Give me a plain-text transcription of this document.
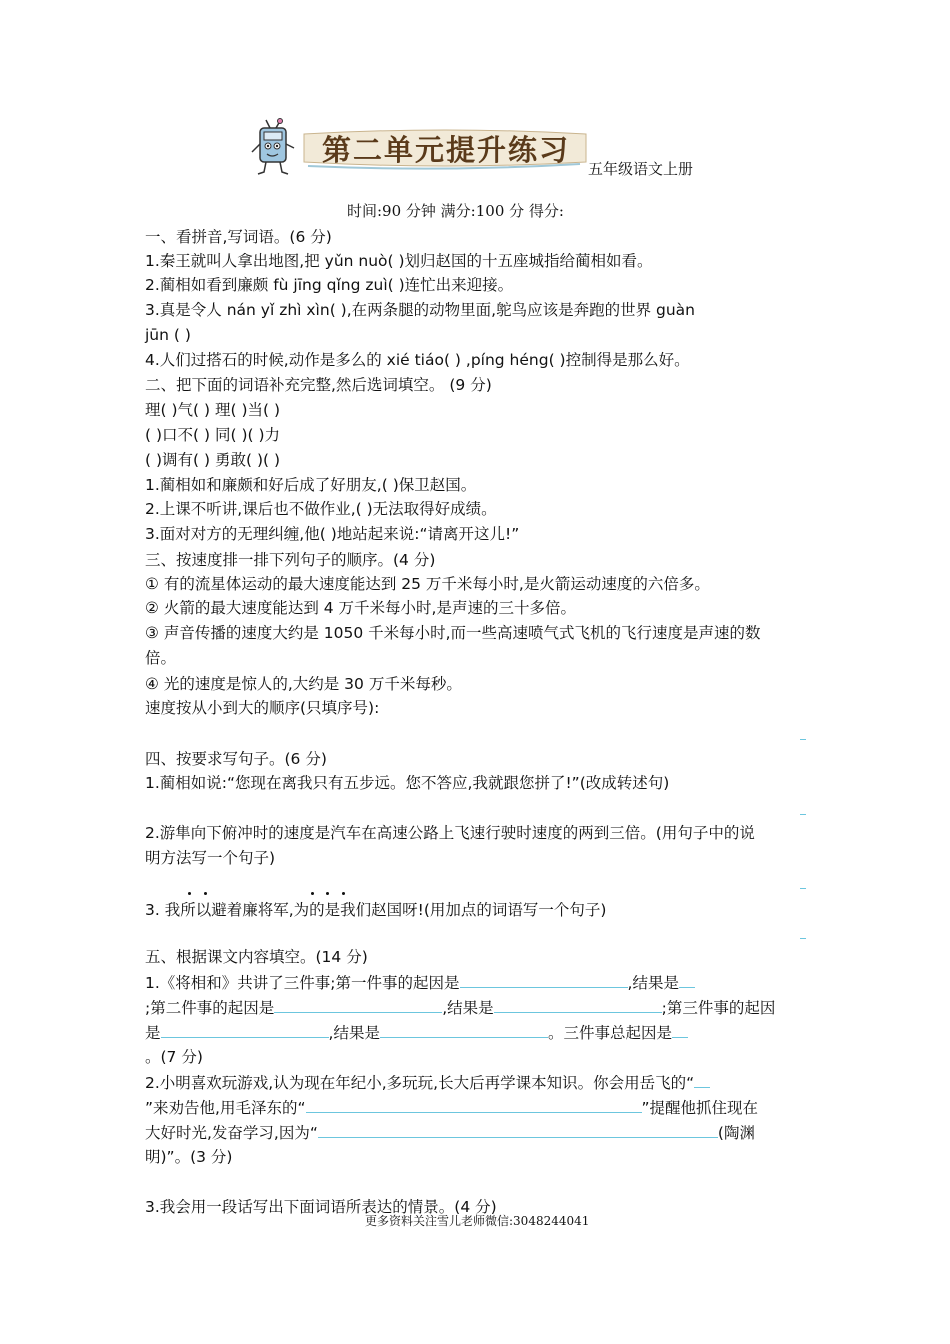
第二单元提升练习
五年级语文上册
时间:90 分钟 满分:100 分 得分:
一、看拼音,写词语。(6 分)
1.秦王就叫人拿出地图,把 yǔn nuò( )划归赵国的十五座城指给蔺相如看。
2.蔺相如看到廉颇 fù jīng qǐng zuì( )连忙出来迎接。
3.真是令人 nán yǐ zhì xìn( ),在两条腿的动物里面,鸵鸟应该是奔跑的世界 guàn
jūn ( )
4.人们过搭石的时候,动作是多么的 xié tiáo( ) ,píng héng( )控制得是那么好。
二、把下面的词语补充完整,然后选词填空。 (9 分)
理( )气( ) 理( )当( )
( )口不( ) 同( )( )力
( )调有( ) 勇敢( )( )
1.蔺相如和廉颇和好后成了好朋友,( )保卫赵国。
2.上课不听讲,课后也不做作业,( )无法取得好成绩。
3.面对对方的无理纠缠,他( )地站起来说:“请离开这儿!”
三、按速度排一排下列句子的顺序。(4 分)
① 有的流星体运动的最大速度能达到 25 万千米每小时,是火箭运动速度的六倍多。
② 火箭的最大速度能达到 4 万千米每小时,是声速的三十多倍。
③ 声音传播的速度大约是 1050 千米每小时,而一些高速喷气式飞机的飞行速度是声速的数
倍。
④ 光的速度是惊人的,大约是 30 万千米每秒。
速度按从小到大的顺序(只填序号):
四、按要求写句子。(6 分)
1.蔺相如说:“您现在离我只有五步远。您不答应,我就跟您拼了!”(改成转述句)
2.游隼向下俯冲时的速度是汽车在高速公路上飞速行驶时速度的两到三倍。(用句子中的说
明方法写一个句子)
3. 我所以避着廉将军,为的是我们赵国呀!(用加点的词语写一个句子)
五、根据课文内容填空。(14 分)
1.《将相和》共讲了三件事;第一件事的起因是	,结果是
;第二件事的起因是	,结果是	;第三件事的起因
是	,结果是	。三件事总起因是
。(7 分)
2.小明喜欢玩游戏,认为现在年纪小,多玩玩,长大后再学课本知识。你会用岳飞的“
”来劝告他,用毛泽东的“	”提醒他抓住现在
大好时光,发奋学习,因为“	(陶渊
明)”。(3 分)
3.我会用一段话写出下面词语所表达的情景。(4 分)
更多资料关注雪儿老师微信:3048244041
